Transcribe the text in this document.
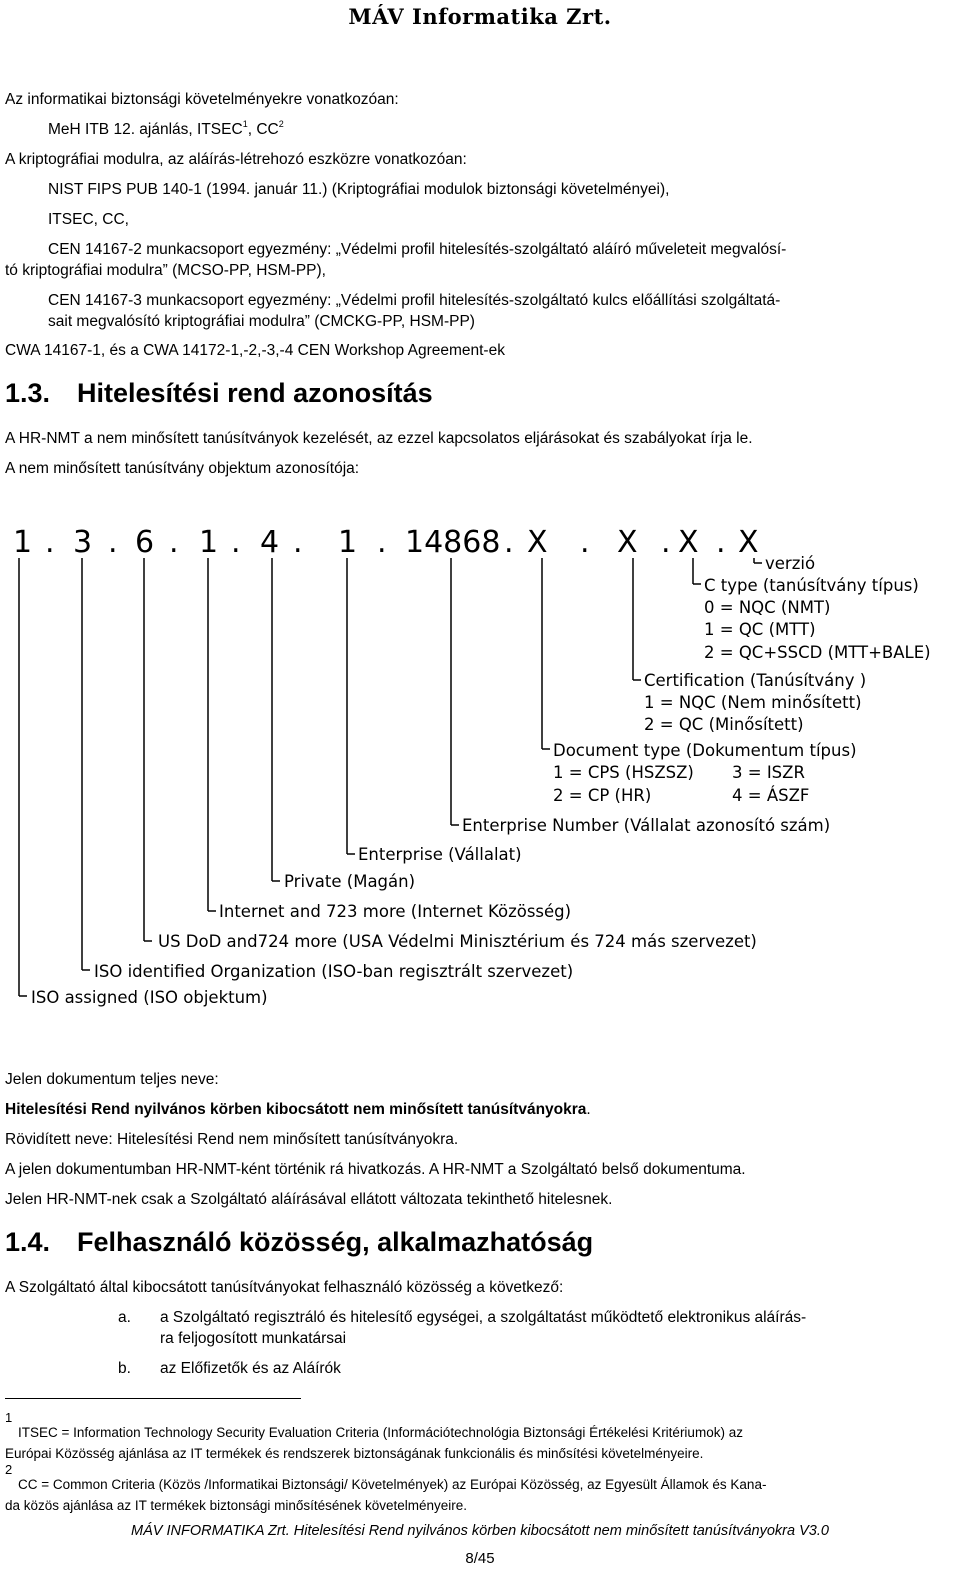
MÁV Informatika Zrt.
Az informatikai biztonsági követelményekre vonatkozóan:
MeH ITB 12. ajánlás, ITSEC$^1$, $CC^2$
A kriptográfiai modulra, az aláírás-létrehozó eszközre vonatkozóan:
NIST FIPS PUB 140-1 (1994. január 11.) (Kriptográfiai modulok biztonsági követelményei),
ITSEC, CC,
CEN 14167-2 munkacsoport egyezmény: „Védelmi profil hitelesítés-szolgáltató aláíró műveleteit megvalósí-
tó kriptográfiai modulra” (MCSO-PP, HSM-PP),
CEN 14167-3 munkacsoport egyezmény: „Védelmi profil hitelesítés-szolgáltató kulcs előállítási szolgáltatá-
sait megvalósító kriptográfiai modulra” (CMCKG-PP, HSM-PP)
CWA 14167-1, és a CWA 14172-1,-2,-3,-4 CEN Workshop Agreement-ek
1.3. Hitelesítési rend azonosítás
A HR-NMT a nem minősített tanúsítványok kezelését, az ezzel kapcsolatos eljárásokat és szabályokat írja le.
A nem minősített tanúsítvány objektum azonosítója:
1 . 3 . 6 . 1 . 4 . 1 . 14868 . X . X . X . X
verzió
C type (tanúsítvány típus)
0 = NQC (NMT)
1 = QC (MTT)
2 = QC+SSCD (MTT+BALE)
Certification (Tanúsítvány )
1 = NQC (Nem minősített)
2 = QC (Minősített)
Document type (Dokumentum típus)
1 = CPS (HSZSZ) 3 = ISZR
2 = CP (HR)	4 = ÁSZF
Enterprise Number (Vállalat azonosító szám)
Enterprise (Vállalat)
Private (Magán)
Internet and 723 more (Internet Közösség)
US DoD and724 more (USA Védelmi Minisztérium és 724 más szervezet)
ISO identified Organization (ISO-ban regisztrált szervezet)
ISO assigned (ISO objektum)
Jelen dokumentum teljes neve:
Hitelesítési Rend nyilvános körben kibocsátott nem minősített tanúsítványokra.
Rövidített neve: Hitelesítési Rend nem minősített tanúsítványokra.
A jelen dokumentumban HR-NMT-ként történik rá hivatkozás. A HR-NMT a Szolgáltató belső dokumentuma.
Jelen HR-NMT-nek csak a Szolgáltató aláírásával ellátott változata tekinthető hitelesnek.
1.4. Felhasználó közösség, alkalmazhatóság
A Szolgáltató által kibocsátott tanúsítványokat felhasználó közösség a következő:
a. a Szolgáltató regisztráló és hitelesítő egységei, a szolgáltatást működtető elektronikus aláírás-
ra feljogosított munkatársai
b. az Előfizetők és az Aláírók
1
ITSEC = Information Technology Security Evaluation Criteria (Információtechnológia Biztonsági Értékelési Kritériumok) az
Európai Közösség ajánlása az IT termékek és rendszerek biztonságának funkcionális és minősítési követelményeire.
2
CC = Common Criteria (Közös /Informatikai Biztonsági/ Követelmények) az Európai Közösség, az Egyesült Államok és Kana-
da közös ajánlása az IT termékek biztonsági minősítésének követelményeire.
MÁV INFORMATIKA Zrt. Hitelesítési Rend nyilvános körben kibocsátott nem minősített tanúsítványokra V3.0
8/45
